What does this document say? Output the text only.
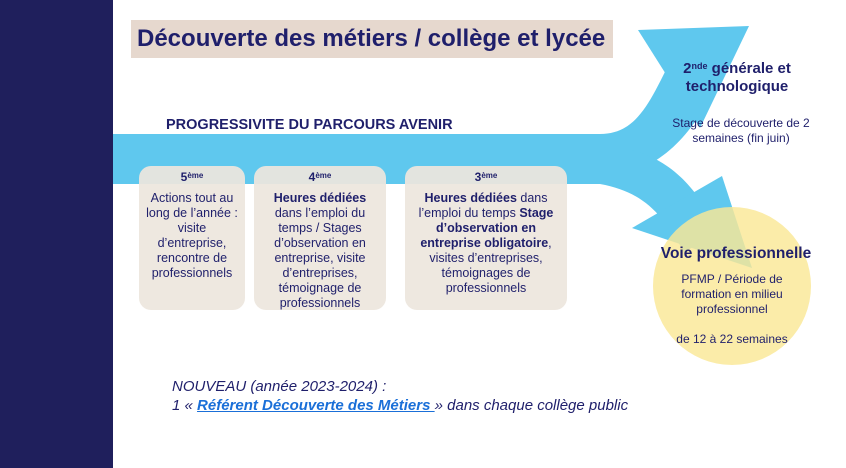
Découverte des métiers / collège et lycée
PROGRESSIVITE DU PARCOURS AVENIR
5ème
Actions tout au long de l’année : visite d’entreprise, rencontre de professionnels
4ème
Heures dédiées dans l’emploi du temps / Stages d’observation en entreprise, visite d’entreprises, témoignage de professionnels
3ème
Heures dédiées dans l’emploi du temps Stage d’observation en entreprise obligatoire, visites d’entreprises, témoignages de professionnels
2nde générale et technologique
Stage de découverte de 2 semaines (fin juin)
Voie professionnelle
PFMP / Période de formation en milieu professionnel
de 12 à 22 semaines
NOUVEAU (année 2023-2024) :
1 « Référent Découverte des Métiers » dans chaque collège public
